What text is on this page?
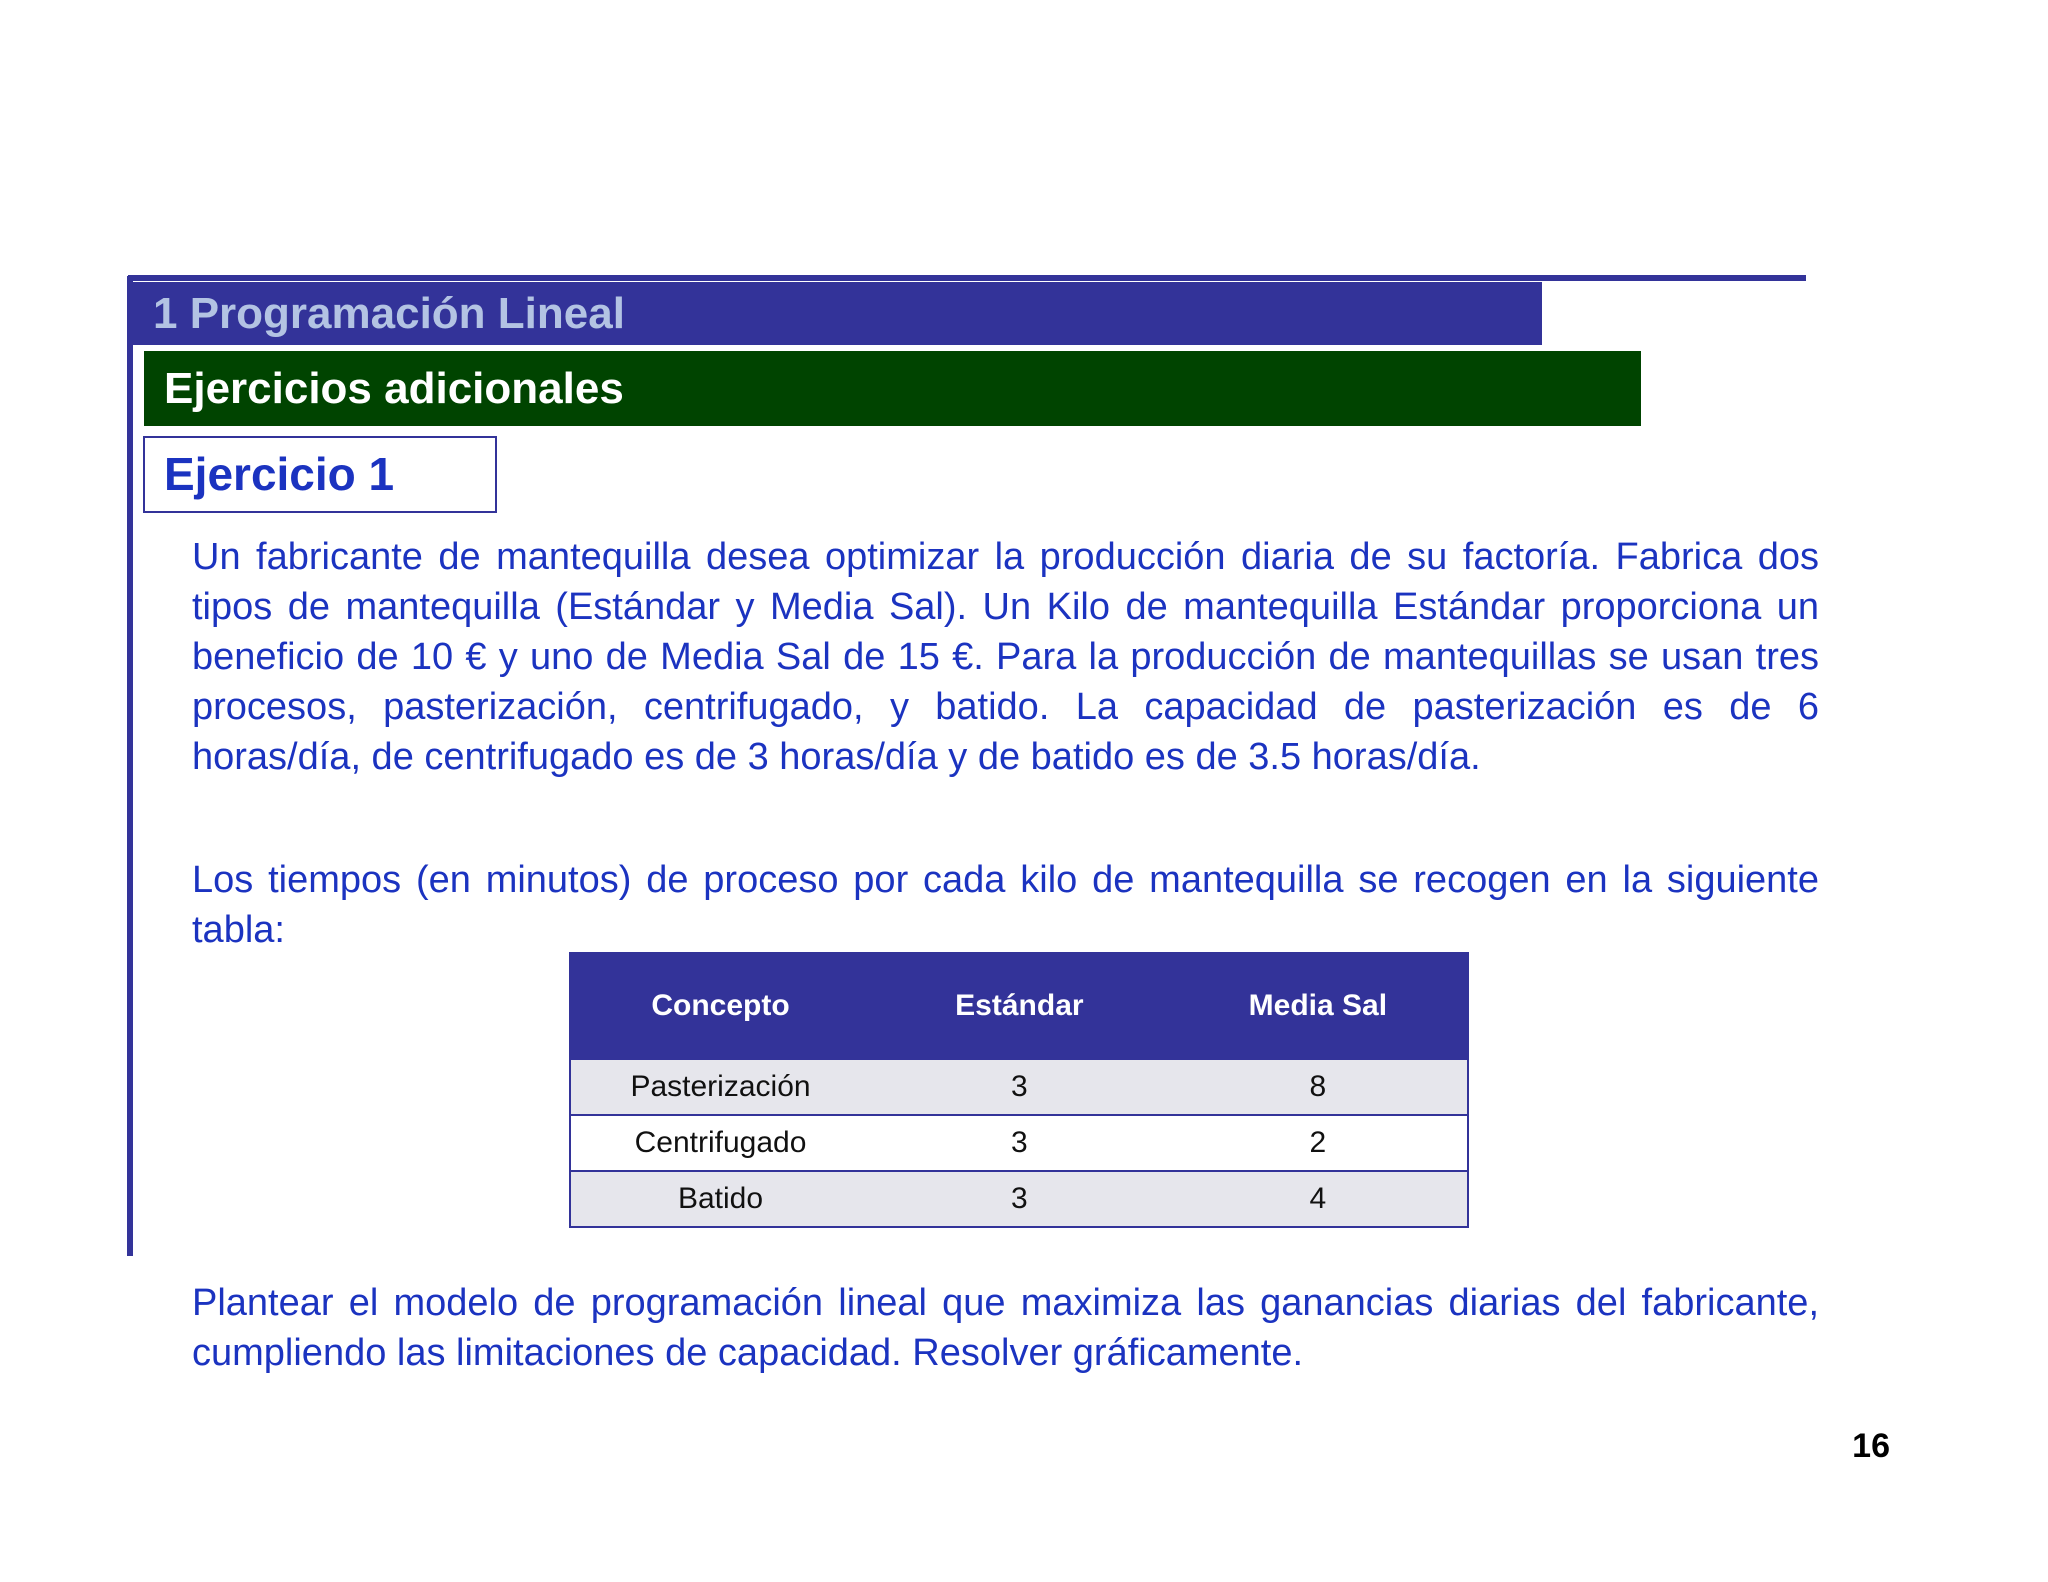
1 Programación Lineal
Ejercicios adicionales
Ejercicio 1

Un fabricante de mantequilla desea optimizar la producción diaria de su factoría. Fabrica dos tipos de mantequilla (Estándar y Media Sal). Un Kilo de mantequilla Estándar proporciona un beneficio de 10 € y uno de Media Sal de 15 €. Para la producción de mantequillas se usan tres procesos, pasterización, centrifugado, y batido. La capacidad de pasterización es de 6 horas/día, de centrifugado es de 3 horas/día y de batido es de 3.5 horas/día.

Los tiempos (en minutos) de proceso por cada kilo de mantequilla se recogen en la siguiente tabla:

Concepto	Estándar	Media Sal
Pasterización	3	8
Centrifugado	3	2
Batido	3	4

Plantear el modelo de programación lineal que maximiza las ganancias diarias del fabricante, cumpliendo las limitaciones de capacidad. Resolver gráficamente.

16
